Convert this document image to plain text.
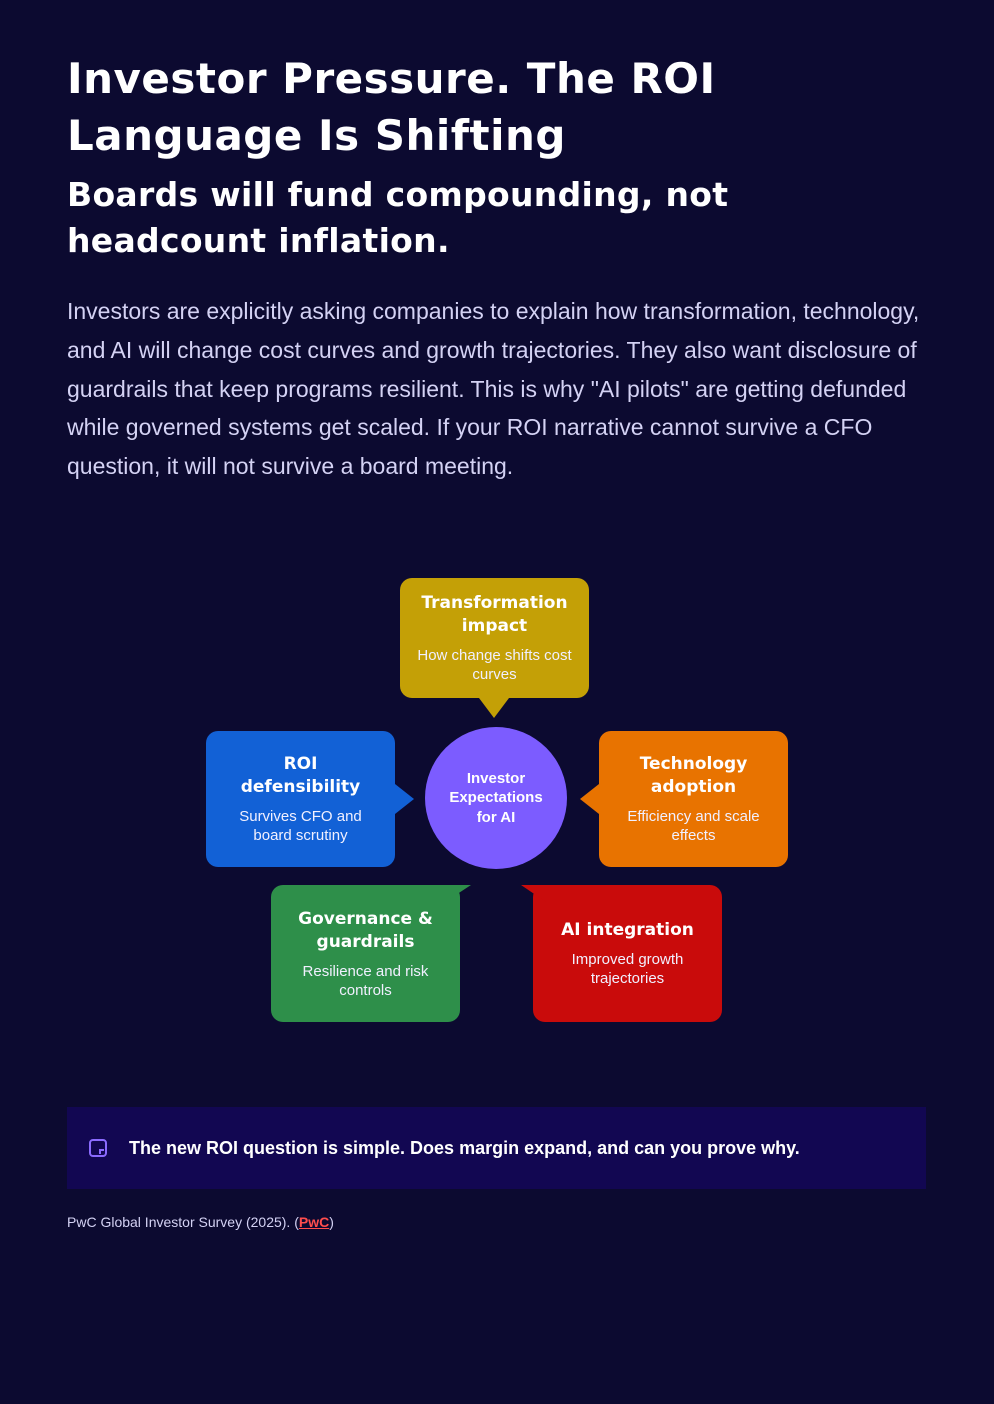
Investor Pressure. The ROI Language Is Shifting
Boards will fund compounding, not headcount inflation.

Investors are explicitly asking companies to explain how transformation, technology, and AI will change cost curves and growth trajectories. They also want disclosure of guardrails that keep programs resilient. This is why "AI pilots" are getting defunded while governed systems get scaled. If your ROI narrative cannot survive a CFO question, it will not survive a board meeting.

Transformation impact
How change shifts cost curves
Technology adoption
Efficiency and scale effects
ROI defensibility
Survives CFO and board scrutiny
Governance & guardrails
Resilience and risk controls
AI integration
Improved growth trajectories
Investor Expectations for AI
The new ROI question is simple. Does margin expand, and can you prove why.
PwC Global Investor Survey (2025). (PwC)
